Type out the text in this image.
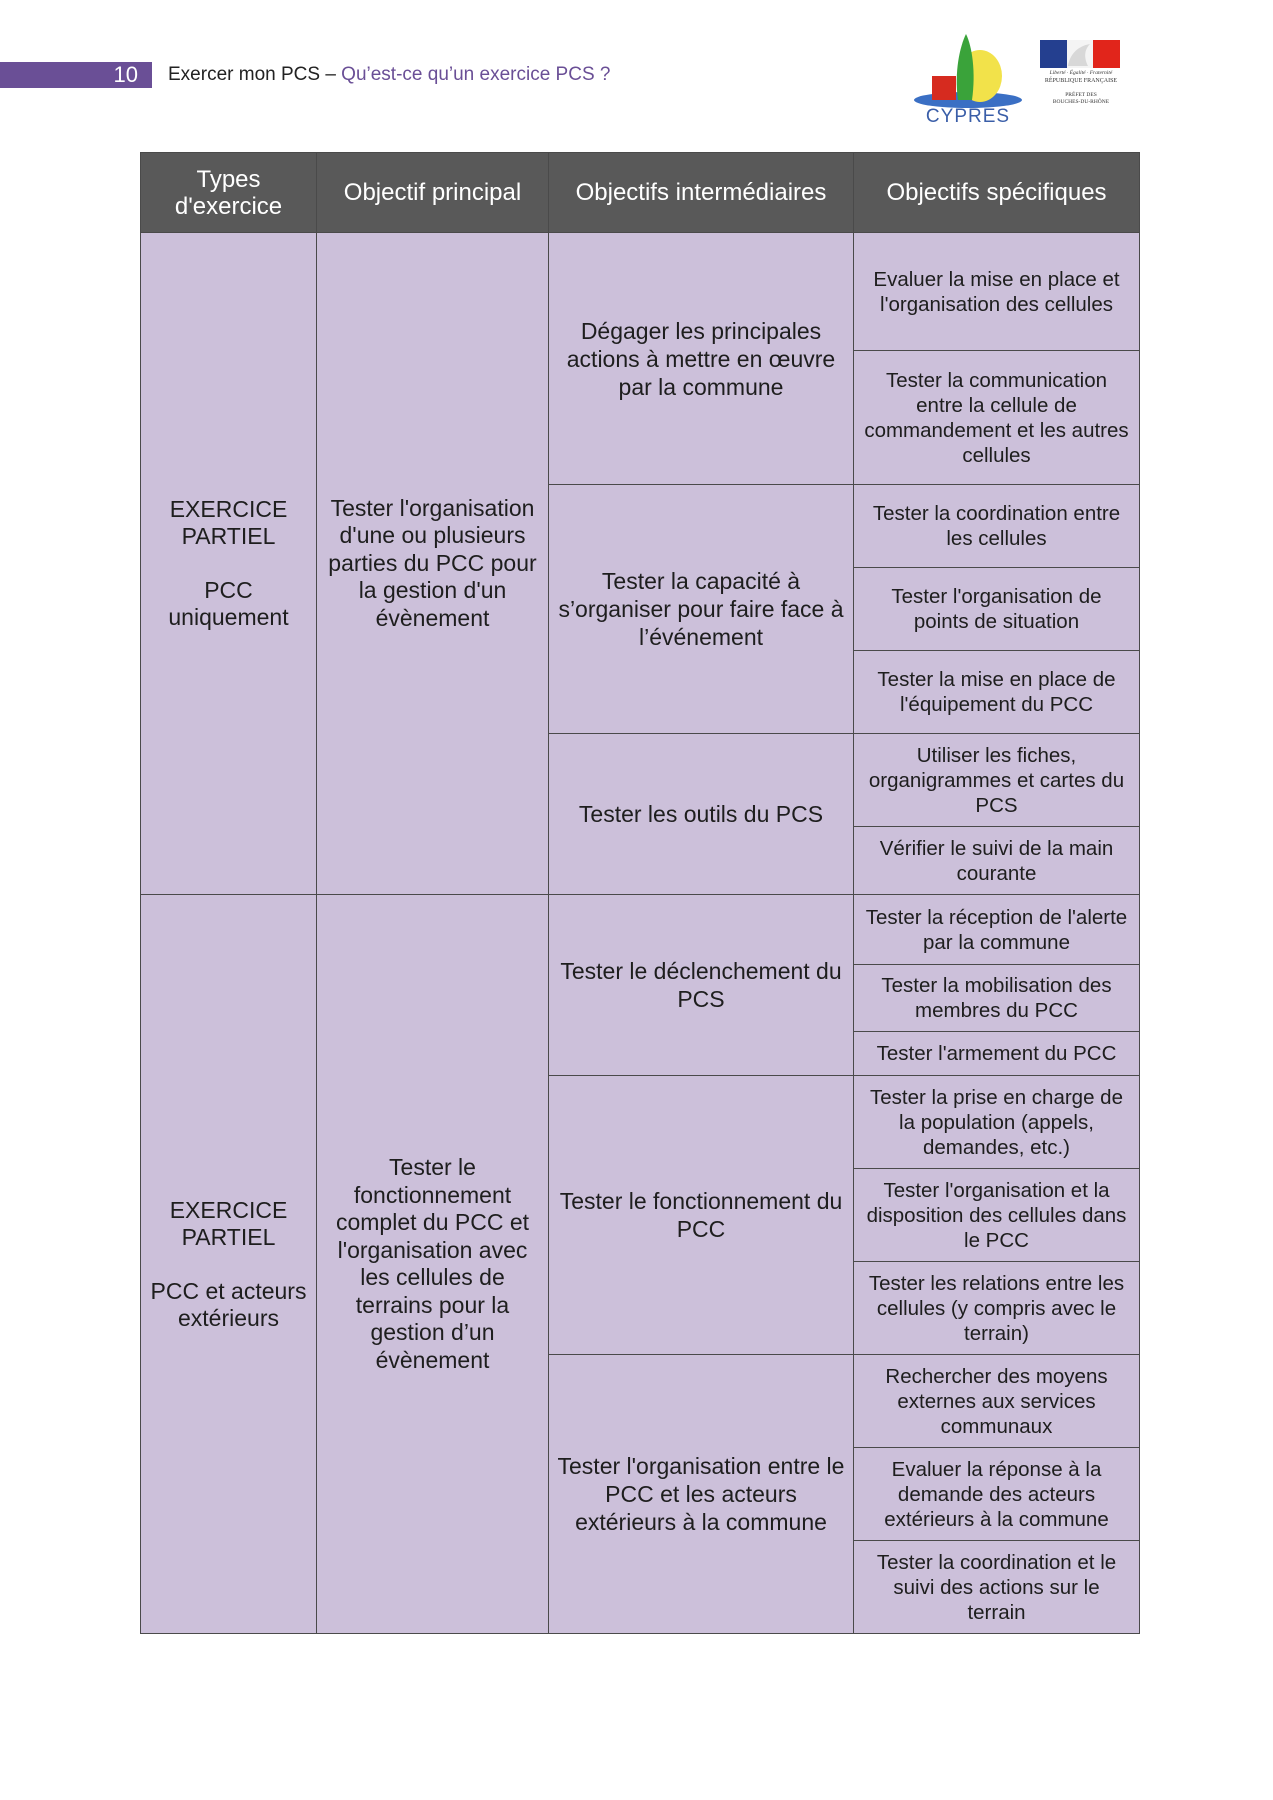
10 Exercer mon PCS – Qu’est-ce qu’un exercice PCS ?
CYPRES
Liberté · Égalité · Fraternité
RÉPUBLIQUE FRANÇAISE
PRÉFET DES
BOUCHES-DU-RHÔNE
Types d'exercice	Objectif principal	Objectifs intermédiaires	Objectifs spécifiques
EXERCICE PARTIEL
PCC uniquement	Tester l'organisation d'une ou plusieurs parties du PCC pour la gestion d'un évènement	Dégager les principales actions à mettre en œuvre par la commune	Evaluer la mise en place et l'organisation des cellules
			Tester la communication entre la cellule de commandement et les autres cellules
		Tester la capacité à s’organiser pour faire face à l’événement	Tester la coordination entre les cellules
			Tester l'organisation de points de situation
			Tester la mise en place de l'équipement du PCC
		Tester les outils du PCS	Utiliser les fiches, organigrammes et cartes du PCS
			Vérifier le suivi de la main courante
EXERCICE PARTIEL
PCC et acteurs extérieurs	Tester le fonctionnement complet du PCC et l'organisation avec les cellules de terrains pour la gestion d’un évènement	Tester le déclenchement du PCS	Tester la réception de l'alerte par la commune
			Tester la mobilisation des membres du PCC
			Tester l'armement du PCC
		Tester le fonctionnement du PCC	Tester la prise en charge de la population (appels, demandes, etc.)
			Tester l'organisation et la disposition des cellules dans le PCC
			Tester les relations entre les cellules (y compris avec le terrain)
		Tester l'organisation entre le PCC et les acteurs extérieurs à la commune	Rechercher des moyens externes aux services communaux
			Evaluer la réponse à la demande des acteurs extérieurs à la commune
			Tester la coordination et le suivi des actions sur le terrain
